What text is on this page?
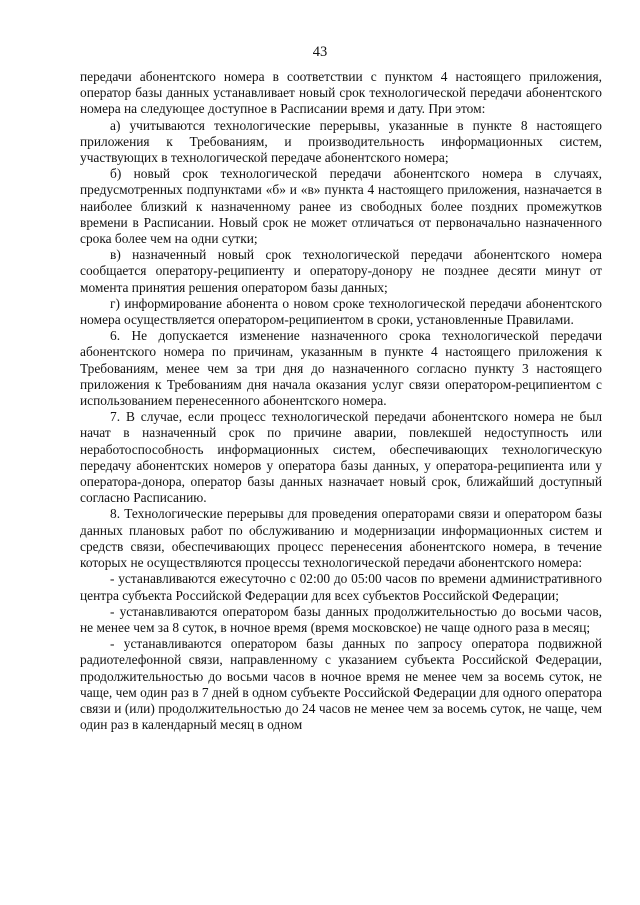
43

передачи абонентского номера в соответствии с пунктом 4 настоящего приложения, оператор базы данных устанавливает новый срок технологической передачи абонентского номера на следующее доступное в Расписании время и дату. При этом:

а) учитываются технологические перерывы, указанные в пункте 8 настоящего приложения к Требованиям, и производительность информационных систем, участвующих в технологической передаче абонентского номера;

б) новый срок технологической передачи абонентского номера в случаях, предусмотренных подпунктами «б» и «в» пункта 4 настоящего приложения, назначается в наиболее близкий к назначенному ранее из свободных более поздних промежутков времени в Расписании. Новый срок не может отличаться от первоначально назначенного срока более чем на одни сутки;

в) назначенный новый срок технологической передачи абонентского номера сообщается оператору-реципиенту и оператору-донору не позднее десяти минут от момента принятия решения оператором базы данных;

г) информирование абонента о новом сроке технологической передачи абонентского номера осуществляется оператором-реципиентом в сроки, установленные Правилами.

6. Не допускается изменение назначенного срока технологической передачи абонентского номера по причинам, указанным в пункте 4 настоящего приложения к Требованиям, менее чем за три дня до назначенного согласно пункту 3 настоящего приложения к Требованиям дня начала оказания услуг связи оператором-реципиентом с использованием перенесенного абонентского номера.

7. В случае, если процесс технологической передачи абонентского номера не был начат в назначенный срок по причине аварии, повлекшей недоступность или неработоспособность информационных систем, обеспечивающих технологическую передачу абонентских номеров у оператора базы данных, у оператора-реципиента или у оператора-донора, оператор базы данных назначает новый срок, ближайший доступный согласно Расписанию.

8. Технологические перерывы для проведения операторами связи и оператором базы данных плановых работ по обслуживанию и модернизации информационных систем и средств связи, обеспечивающих процесс перенесения абонентского номера, в течение которых не осуществляются процессы технологической передачи абонентского номера:

- устанавливаются ежесуточно с 02:00 до 05:00 часов по времени административного центра субъекта Российской Федерации для всех субъектов Российской Федерации;

- устанавливаются оператором базы данных продолжительностью до восьми часов, не менее чем за 8 суток, в ночное время (время московское) не чаще одного раза в месяц;

- устанавливаются оператором базы данных по запросу оператора подвижной радиотелефонной связи, направленному с указанием субъекта Российской Федерации, продолжительностью до восьми часов в ночное время не менее чем за восемь суток, не чаще, чем один раз в 7 дней в одном субъекте Российской Федерации для одного оператора связи и (или) продолжительностью до 24 часов не менее чем за восемь суток, не чаще, чем один раз в календарный месяц в одном
